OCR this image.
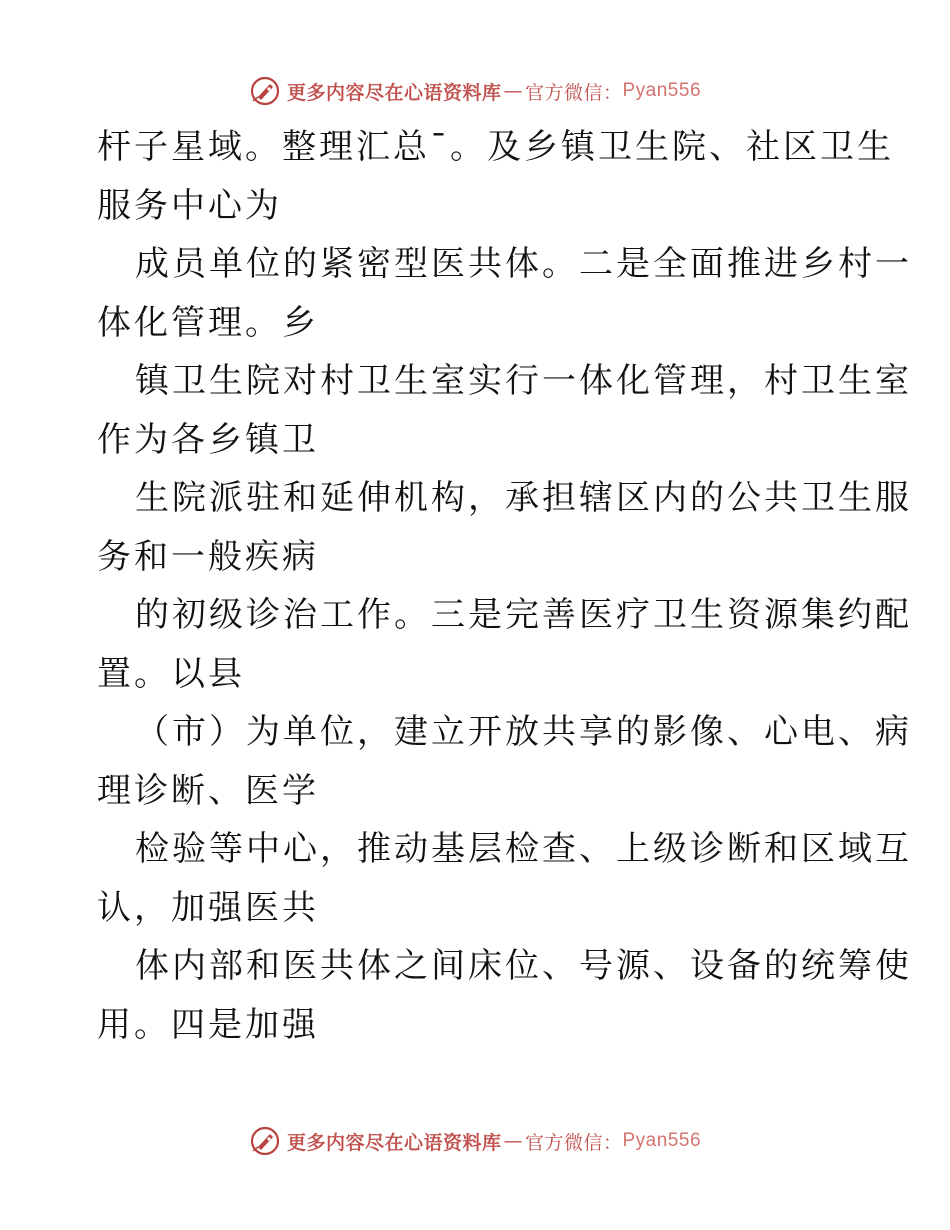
更多内容尽在心语资料库 — 官方微信： Pyan556
杆子星域。整理汇总¯。及乡镇卫生院、社区卫生
服务中心为
成员单位的紧密型医共体。二是全面推进乡村一
体化管理。乡
镇卫生院对村卫生室实行一体化管理，村卫生室
作为各乡镇卫
生院派驻和延伸机构，承担辖区内的公共卫生服
务和一般疾病
的初级诊治工作。三是完善医疗卫生资源集约配
置。以县
（市）为单位，建立开放共享的影像、心电、病
理诊断、医学
检验等中心，推动基层检查、上级诊断和区域互
认，加强医共
体内部和医共体之间床位、号源、设备的统筹使
用。四是加强
更多内容尽在心语资料库 — 官方微信： Pyan556
